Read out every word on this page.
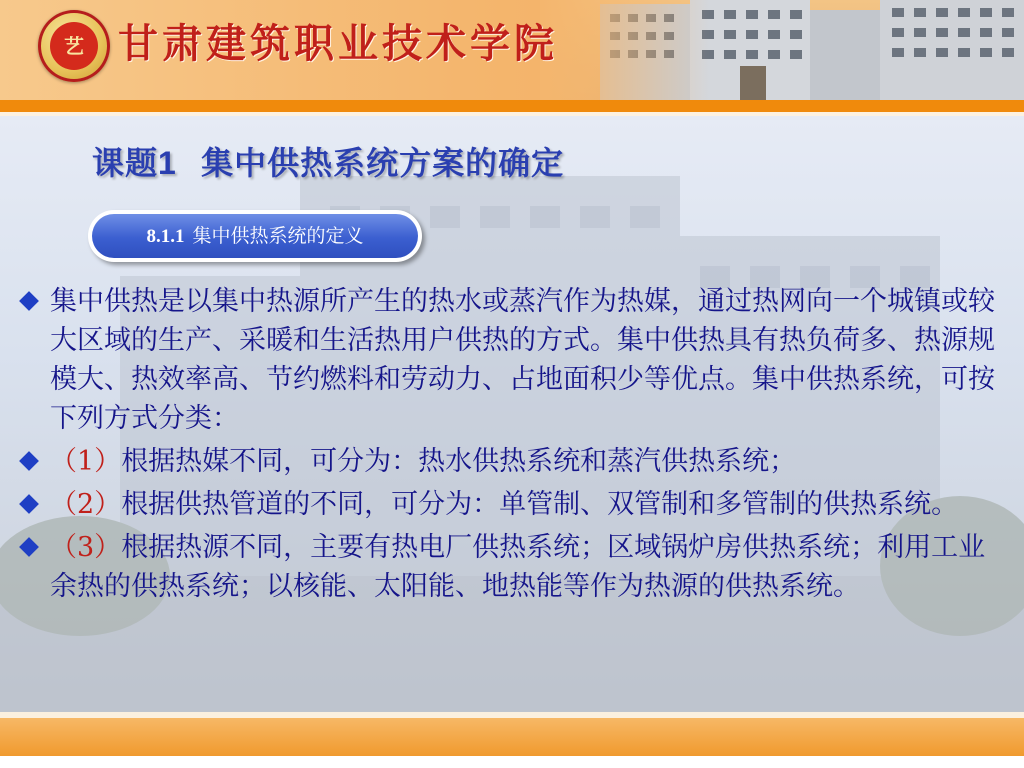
艺 甘肃建筑职业技术学院
课题1 集中供热系统方案的确定
8.1.1 集中供热系统的定义

集中供热是以集中热源所产生的热水或蒸汽作为热媒，通过热网向一个城镇或较大区域的生产、采暖和生活热用户供热的方式。集中供热具有热负荷多、热源规模大、热效率高、节约燃料和劳动力、占地面积少等优点。集中供热系统，可按下列方式分类：

（1）根据热媒不同，可分为：热水供热系统和蒸汽供热系统；

（2）根据供热管道的不同，可分为：单管制、双管制和多管制的供热系统。

（3）根据热源不同，主要有热电厂供热系统；区域锅炉房供热系统；利用工业余热的供热系统；以核能、太阳能、地热能等作为热源的供热系统。
